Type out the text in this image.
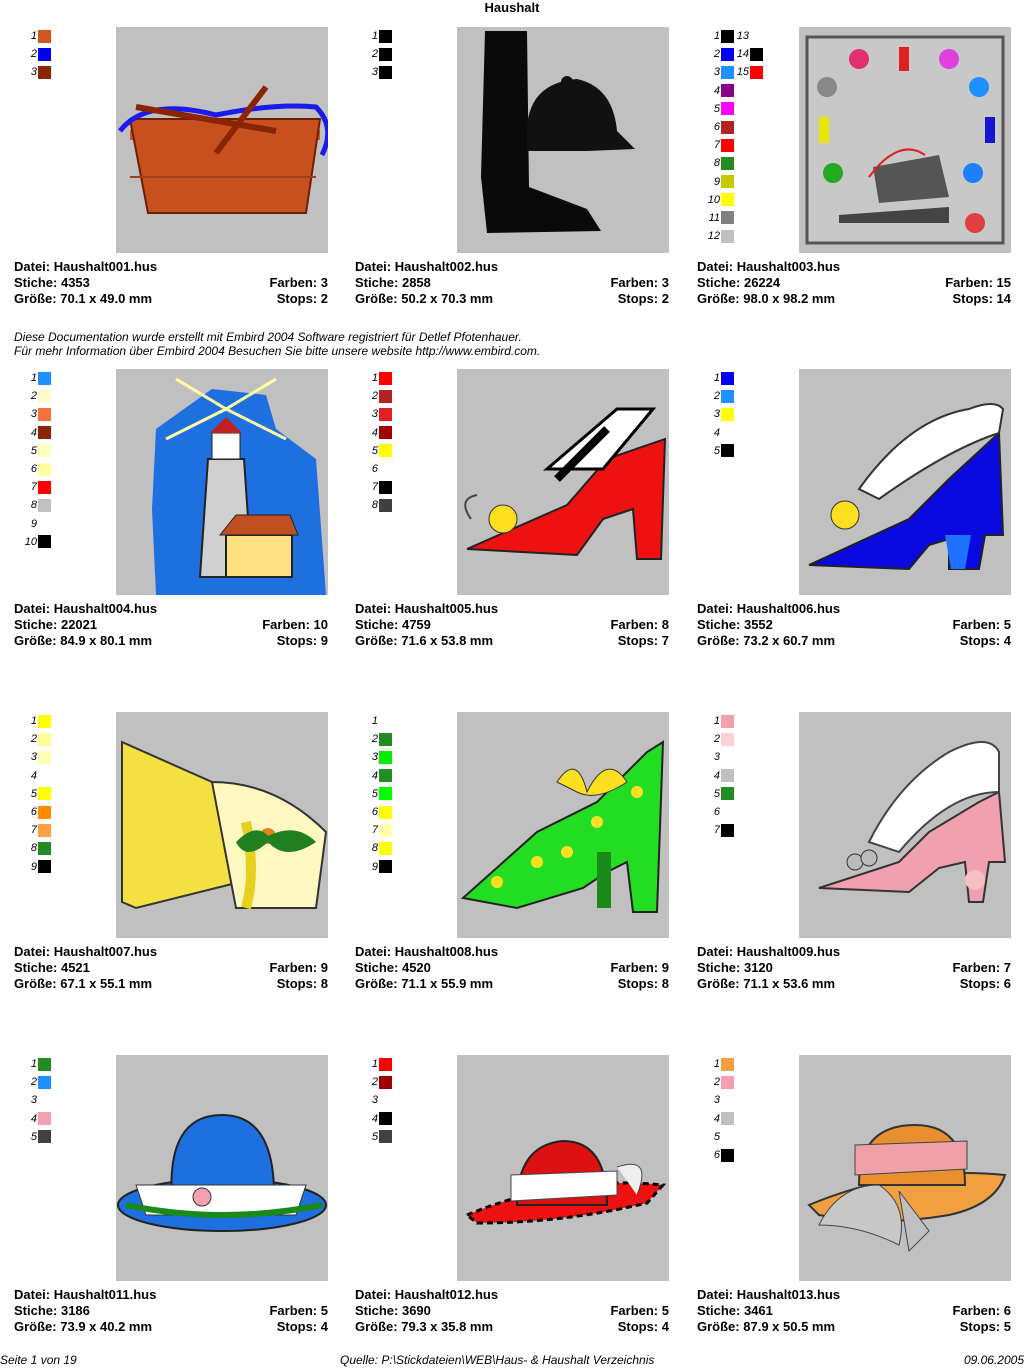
Haushalt
Diese Documentation wurde erstellt mit Embird 2004 Software registriert für Detlef Pfotenhauer.
Für mehr Information über Embird 2004 Besuchen Sie bitte unsere website http://www.embird.com.
1
2
3
Datei: Haushalt001.hus
Stiche: 4353	Farben: 3
Größe: 70.1 x 49.0 mm	Stops: 2
1
2
3
Datei: Haushalt002.hus
Stiche: 2858	Farben: 3
Größe: 50.2 x 70.3 mm	Stops: 2
1
2
3
4
5
6
7
8
9
10
11
12
13
14
15
Datei: Haushalt003.hus
Stiche: 26224	Farben: 15
Größe: 98.0 x 98.2 mm	Stops: 14
1
2
3
4
5
6
7
8
9
10
Datei: Haushalt004.hus
Stiche: 22021	Farben: 10
Größe: 84.9 x 80.1 mm	Stops: 9
1
2
3
4
5
6
7
8
Datei: Haushalt005.hus
Stiche: 4759	Farben: 8
Größe: 71.6 x 53.8 mm	Stops: 7
1
2
3
4
5
Datei: Haushalt006.hus
Stiche: 3552	Farben: 5
Größe: 73.2 x 60.7 mm	Stops: 4
1
2
3
4
5
6
7
8
9
Datei: Haushalt007.hus
Stiche: 4521	Farben: 9
Größe: 67.1 x 55.1 mm	Stops: 8
1
2
3
4
5
6
7
8
9
Datei: Haushalt008.hus
Stiche: 4520	Farben: 9
Größe: 71.1 x 55.9 mm	Stops: 8
1
2
3
4
5
6
7
Datei: Haushalt009.hus
Stiche: 3120	Farben: 7
Größe: 71.1 x 53.6 mm	Stops: 6
1
2
3
4
5
Datei: Haushalt011.hus
Stiche: 3186	Farben: 5
Größe: 73.9 x 40.2 mm	Stops: 4
1
2
3
4
5
Datei: Haushalt012.hus
Stiche: 3690	Farben: 5
Größe: 79.3 x 35.8 mm	Stops: 4
1
2
3
4
5
6
Datei: Haushalt013.hus
Stiche: 3461	Farben: 6
Größe: 87.9 x 50.5 mm	Stops: 5
Seite 1 von 19	Quelle: P:\Stickdateien\WEB\Haus- & Haushalt Verzeichnis	09.06.2005
